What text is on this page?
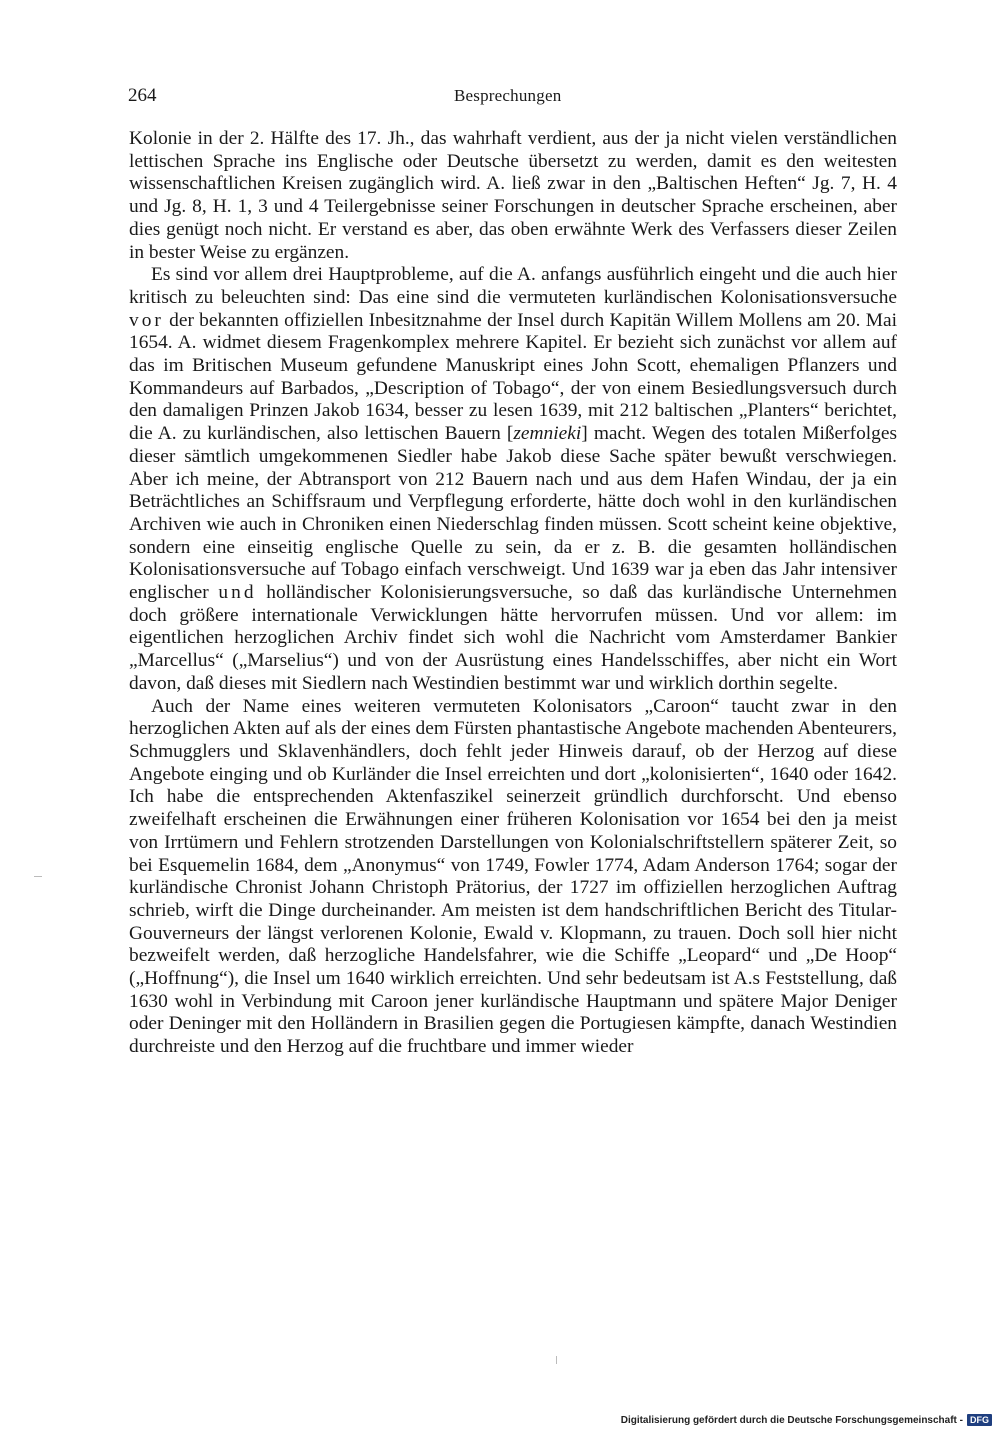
264	Besprechungen

Kolonie in der 2. Hälfte des 17. Jh., das wahrhaft verdient, aus der ja nicht vielen verständlichen lettischen Sprache ins Englische oder Deutsche übersetzt zu werden, damit es den weitesten wissenschaftlichen Kreisen zugänglich wird. A. ließ zwar in den „Baltischen Heften“ Jg. 7, H. 4 und Jg. 8, H. 1, 3 und 4 Teilergebnisse seiner Forschungen in deutscher Sprache erscheinen, aber dies genügt noch nicht. Er verstand es aber, das oben erwähnte Werk des Verfassers dieser Zeilen in bester Weise zu ergänzen.

Es sind vor allem drei Hauptprobleme, auf die A. anfangs ausführlich eingeht und die auch hier kritisch zu beleuchten sind: Das eine sind die vermuteten kurländischen Kolonisationsversuche vor der bekannten offiziellen Inbesitznahme der Insel durch Kapitän Willem Mollens am 20. Mai 1654. A. widmet diesem Fragenkomplex mehrere Kapitel. Er bezieht sich zunächst vor allem auf das im Britischen Museum gefundene Manuskript eines John Scott, ehemaligen Pflanzers und Kommandeurs auf Barbados, „Description of Tobago“, der von einem Besiedlungsversuch durch den damaligen Prinzen Jakob 1634, besser zu lesen 1639, mit 212 baltischen „Planters“ berichtet, die A. zu kurländischen, also lettischen Bauern [zemnieki] macht. Wegen des totalen Mißerfolges dieser sämtlich umgekommenen Siedler habe Jakob diese Sache später bewußt verschwiegen. Aber ich meine, der Abtransport von 212 Bauern nach und aus dem Hafen Windau, der ja ein Beträchtliches an Schiffsraum und Verpflegung erforderte, hätte doch wohl in den kurländischen Archiven wie auch in Chroniken einen Niederschlag finden müssen. Scott scheint keine objektive, sondern eine einseitig englische Quelle zu sein, da er z. B. die gesamten holländischen Kolonisationsversuche auf Tobago einfach verschweigt. Und 1639 war ja eben das Jahr intensiver englischer und holländischer Kolonisierungsversuche, so daß das kurländische Unternehmen doch größere internationale Verwicklungen hätte hervorrufen müssen. Und vor allem: im eigentlichen herzoglichen Archiv findet sich wohl die Nachricht vom Amsterdamer Bankier „Marcellus“ („Marselius“) und von der Ausrüstung eines Handelsschiffes, aber nicht ein Wort davon, daß dieses mit Siedlern nach Westindien bestimmt war und wirklich dorthin segelte.

Auch der Name eines weiteren vermuteten Kolonisators „Caroon“ taucht zwar in den herzoglichen Akten auf als der eines dem Fürsten phantastische Angebote machenden Abenteurers, Schmugglers und Sklavenhändlers, doch fehlt jeder Hinweis darauf, ob der Herzog auf diese Angebote einging und ob Kurländer die Insel erreichten und dort „kolonisierten“, 1640 oder 1642. Ich habe die entsprechenden Aktenfaszikel seinerzeit gründlich durchforscht. Und ebenso zweifelhaft erscheinen die Erwähnungen einer früheren Kolonisation vor 1654 bei den ja meist von Irrtümern und Fehlern strotzenden Darstellungen von Kolonialschriftstellern späterer Zeit, so bei Esquemelin 1684, dem „Anonymus“ von 1749, Fowler 1774, Adam Anderson 1764; sogar der kurländische Chronist Johann Christoph Prätorius, der 1727 im offiziellen herzoglichen Auftrag schrieb, wirft die Dinge durcheinander. Am meisten ist dem handschriftlichen Bericht des Titular-Gouverneurs der längst verlorenen Kolonie, Ewald v. Klopmann, zu trauen. Doch soll hier nicht bezweifelt werden, daß herzogliche Handelsfahrer, wie die Schiffe „Leopard“ und „De Hoop“ („Hoffnung“), die Insel um 1640 wirklich erreichten. Und sehr bedeutsam ist A.s Feststellung, daß 1630 wohl in Verbindung mit Caroon jener kurländische Hauptmann und spätere Major Deniger oder Deninger mit den Holländern in Brasilien gegen die Portugiesen kämpfte, danach Westindien durchreiste und den Herzog auf die fruchtbare und immer wieder

Digitalisierung gefördert durch die Deutsche Forschungsgemeinschaft - DFG
